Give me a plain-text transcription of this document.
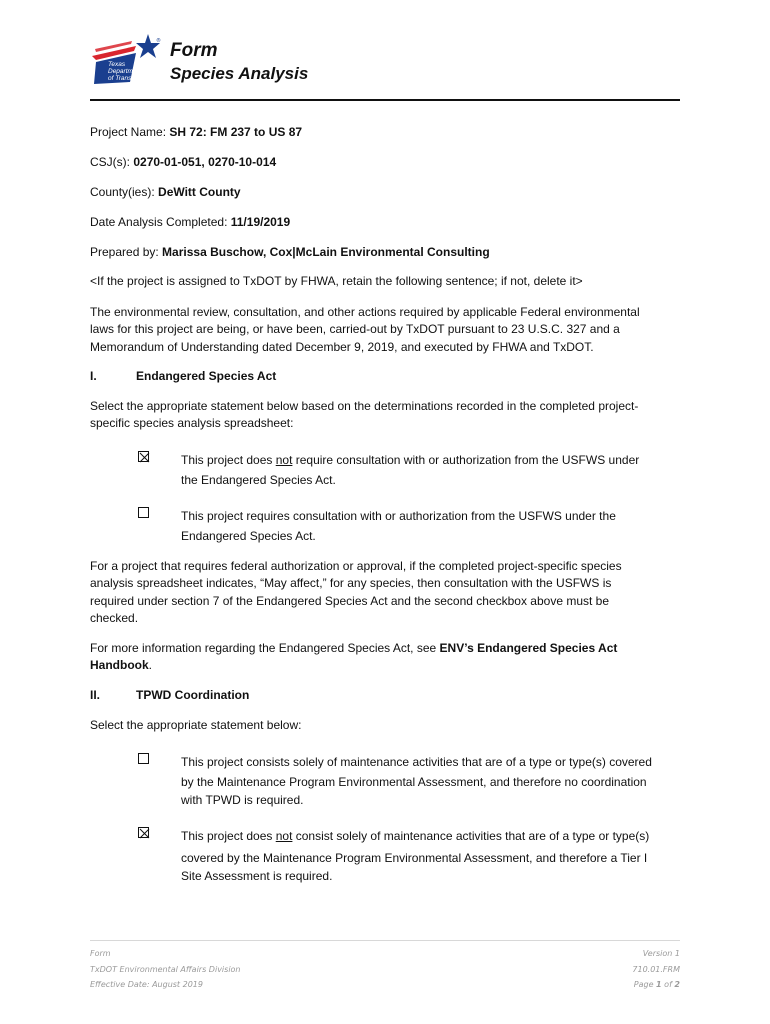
®
Texas
Department
of Transportation
Form
Species Analysis
Project Name: SH 72: FM 237 to US 87
CSJ(s): 0270-01-051, 0270-10-014
County(ies): DeWitt County
Date Analysis Completed: 11/19/2019
Prepared by: Marissa Buschow, Cox|McLain Environmental Consulting
<If the project is assigned to TxDOT by FHWA, retain the following sentence; if not, delete it>
The environmental review, consultation, and other actions required by applicable Federal environmental
laws for this project are being, or have been, carried-out by TxDOT pursuant to 23 U.S.C. 327 and a
Memorandum of Understanding dated December 9, 2019, and executed by FHWA and TxDOT.
I.	Endangered Species Act
Select the appropriate statement below based on the determinations recorded in the completed project-
specific species analysis spreadsheet:
This project does not require consultation with or authorization from the USFWS under
the Endangered Species Act.
This project requires consultation with or authorization from the USFWS under the
Endangered Species Act.
For a project that requires federal authorization or approval, if the completed project-specific species
analysis spreadsheet indicates, “May affect,” for any species, then consultation with the USFWS is
required under section 7 of the Endangered Species Act and the second checkbox above must be
checked.
For more information regarding the Endangered Species Act, see ENV’s Endangered Species Act
Handbook.
II.	TPWD Coordination
Select the appropriate statement below:
This project consists solely of maintenance activities that are of a type or type(s) covered
by the Maintenance Program Environmental Assessment, and therefore no coordination
with TPWD is required.
This project does not consist solely of maintenance activities that are of a type or type(s)
covered by the Maintenance Program Environmental Assessment, and therefore a Tier I
Site Assessment is required.
Form
TxDOT Environmental Affairs Division
Effective Date: August 2019
Version 1
710.01.FRM
Page 1 of 2
